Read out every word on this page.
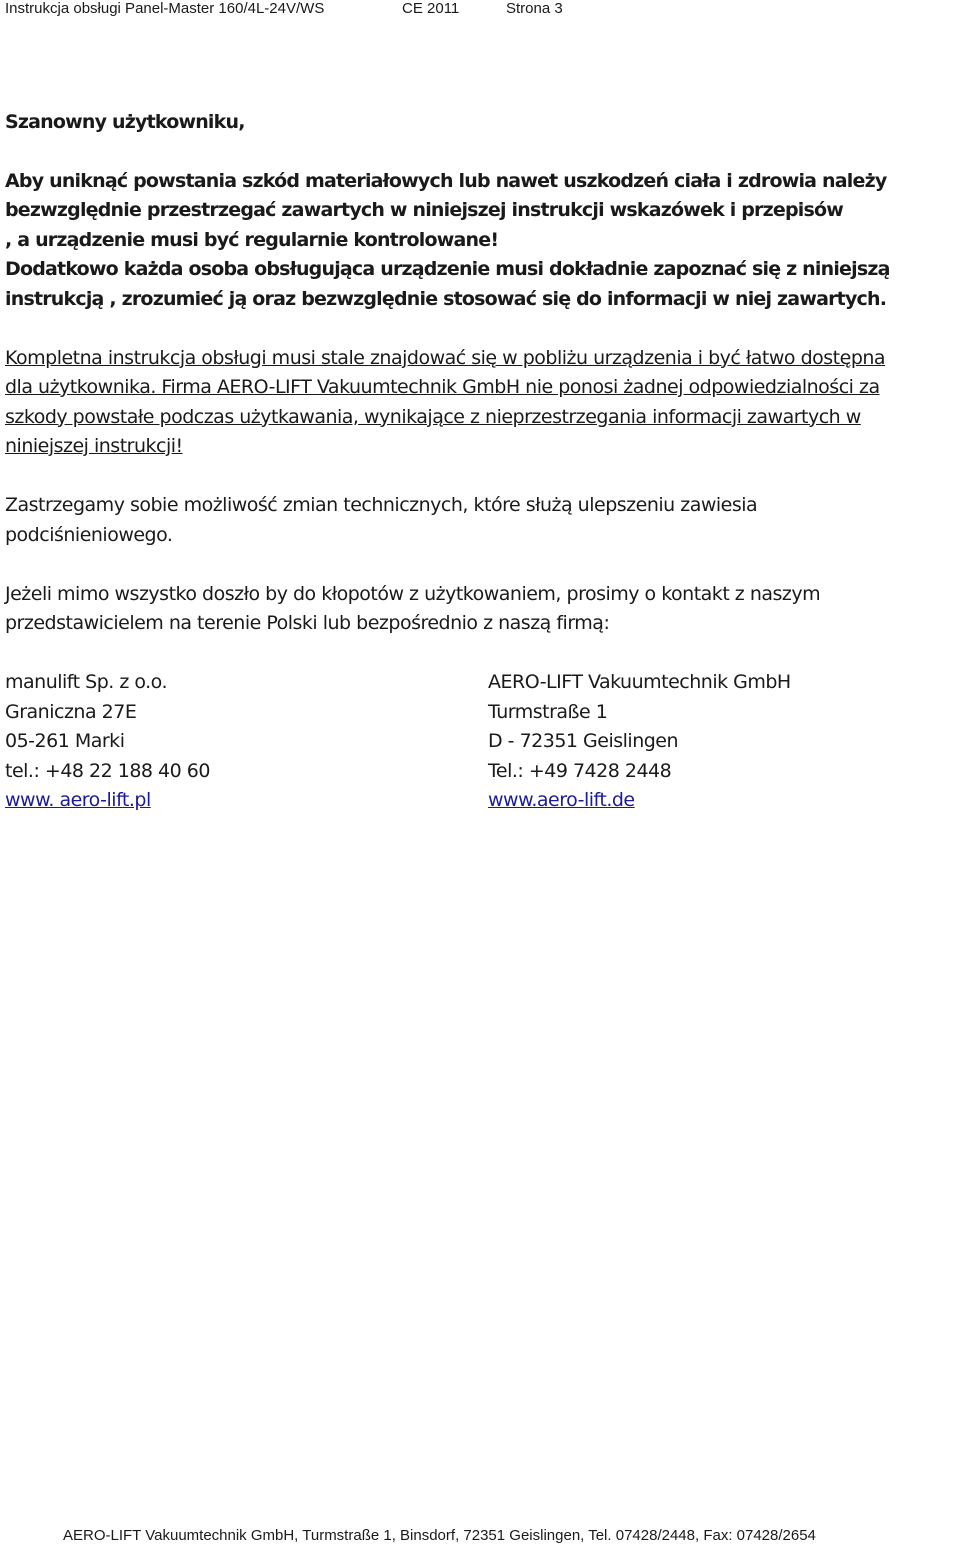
Instrukcja obsługi Panel-Master 160/4L-24V/WS	CE 2011	Strona 3

Szanowny użytkowniku,

Aby uniknąć powstania szkód materiałowych lub nawet uszkodzeń ciała i zdrowia należy

bezwzględnie przestrzegać zawartych w niniejszej instrukcji wskazówek i przepisów

, a urządzenie musi być regularnie kontrolowane!

Dodatkowo każda osoba obsługująca urządzenie musi dokładnie zapoznać się z niniejszą

instrukcją , zrozumieć ją oraz bezwzględnie stosować się do informacji w niej zawartych.

Kompletna instrukcja obsługi musi stale znajdować się w pobliżu urządzenia i być łatwo dostępna

dla użytkownika. Firma AERO-LIFT Vakuumtechnik GmbH nie ponosi żadnej odpowiedzialności za

szkody powstałe podczas użytkawania, wynikające z nieprzestrzegania informacji zawartych w

niniejszej instrukcji!

Zastrzegamy sobie możliwość zmian technicznych, które służą ulepszeniu zawiesia

podciśnieniowego.

Jeżeli mimo wszystko doszło by do kłopotów z użytkowaniem, prosimy o kontakt z naszym

przedstawicielem na terenie Polski lub bezpośrednio z naszą firmą:

manulift Sp. z o.o.
Graniczna 27E
05-261 Marki
tel.: +48 22 188 40 60
www. aero-lift.pl
AERO-LIFT Vakuumtechnik GmbH
Turmstraße 1
D - 72351 Geislingen
Tel.: +49 7428 2448
www.aero-lift.de
AERO-LIFT Vakuumtechnik GmbH, Turmstraße 1, Binsdorf, 72351 Geislingen, Tel. 07428/2448, Fax: 07428/2654
